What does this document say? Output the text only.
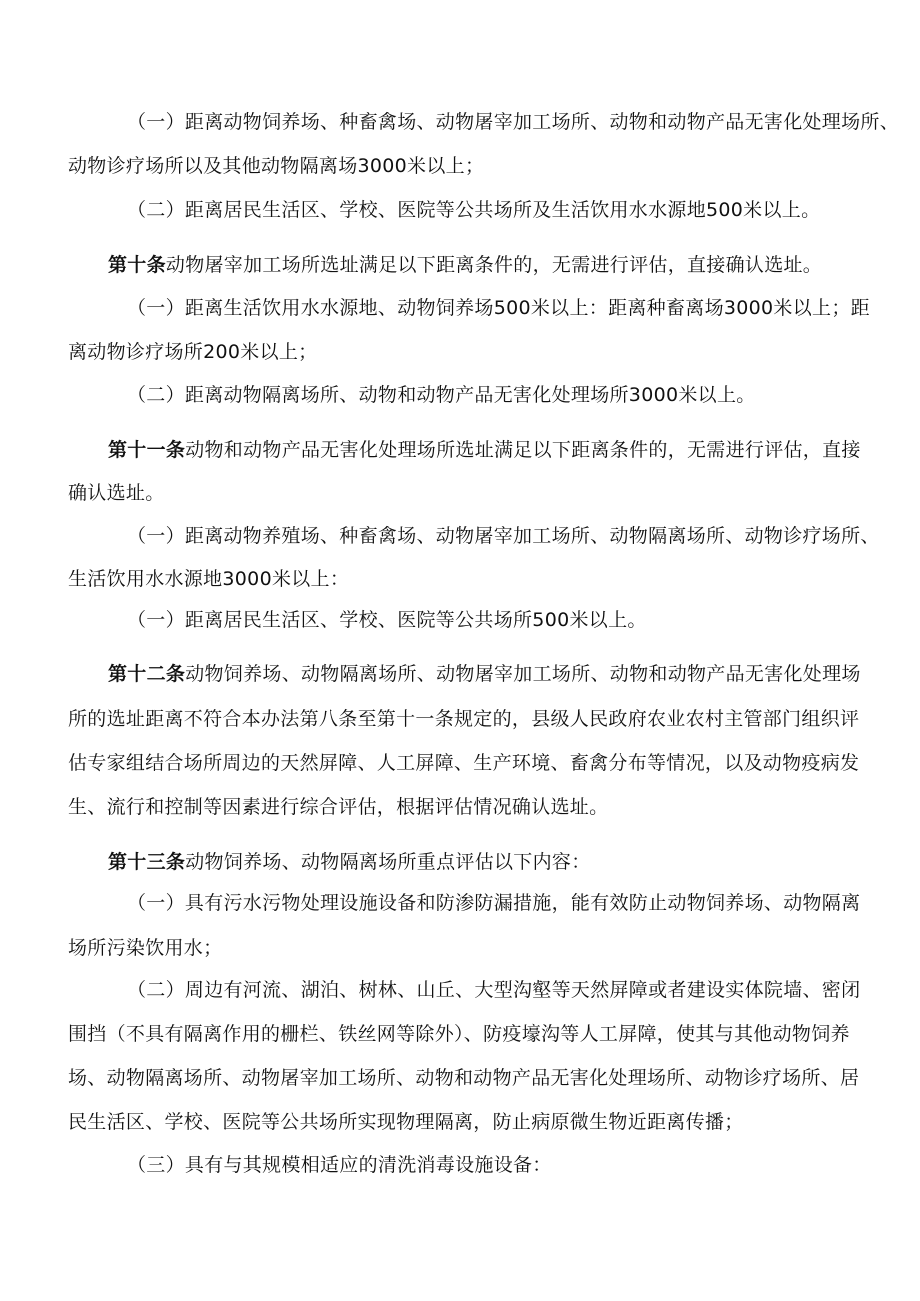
（一）距离动物饲养场、种畜禽场、动物屠宰加工场所、动物和动物产品无害化处理场所、
动物诊疗场所以及其他动物隔离场3000米以上；
（二）距离居民生活区、学校、医院等公共场所及生活饮用水水源地500米以上。
第十条动物屠宰加工场所选址满足以下距离条件的，无需进行评估，直接确认选址。
（一）距离生活饮用水水源地、动物饲养场500米以上：距离种畜离场3000米以上；距
离动物诊疗场所200米以上；
（二）距离动物隔离场所、动物和动物产品无害化处理场所3000米以上。
第十一条动物和动物产品无害化处理场所选址满足以下距离条件的，无需进行评估，直接
确认选址。
（一）距离动物养殖场、种畜禽场、动物屠宰加工场所、动物隔离场所、动物诊疗场所、
生活饮用水水源地3000米以上：
（一）距离居民生活区、学校、医院等公共场所500米以上。
第十二条动物饲养场、动物隔离场所、动物屠宰加工场所、动物和动物产品无害化处理场
所的选址距离不符合本办法第八条至第十一条规定的，县级人民政府农业农村主管部门组织评
估专家组结合场所周边的天然屏障、人工屏障、生产环境、畜禽分布等情况，以及动物疫病发
生、流行和控制等因素进行综合评估，根据评估情况确认选址。
第十三条动物饲养场、动物隔离场所重点评估以下内容：
（一）具有污水污物处理设施设备和防渗防漏措施，能有效防止动物饲养场、动物隔离
场所污染饮用水；
（二）周边有河流、湖泊、树林、山丘、大型沟壑等天然屏障或者建设实体院墙、密闭
围挡（不具有隔离作用的栅栏、铁丝网等除外）、防疫壕沟等人工屏障，使其与其他动物饲养
场、动物隔离场所、动物屠宰加工场所、动物和动物产品无害化处理场所、动物诊疗场所、居
民生活区、学校、医院等公共场所实现物理隔离，防止病原微生物近距离传播；
（三）具有与其规模相适应的清洗消毒设施设备：
